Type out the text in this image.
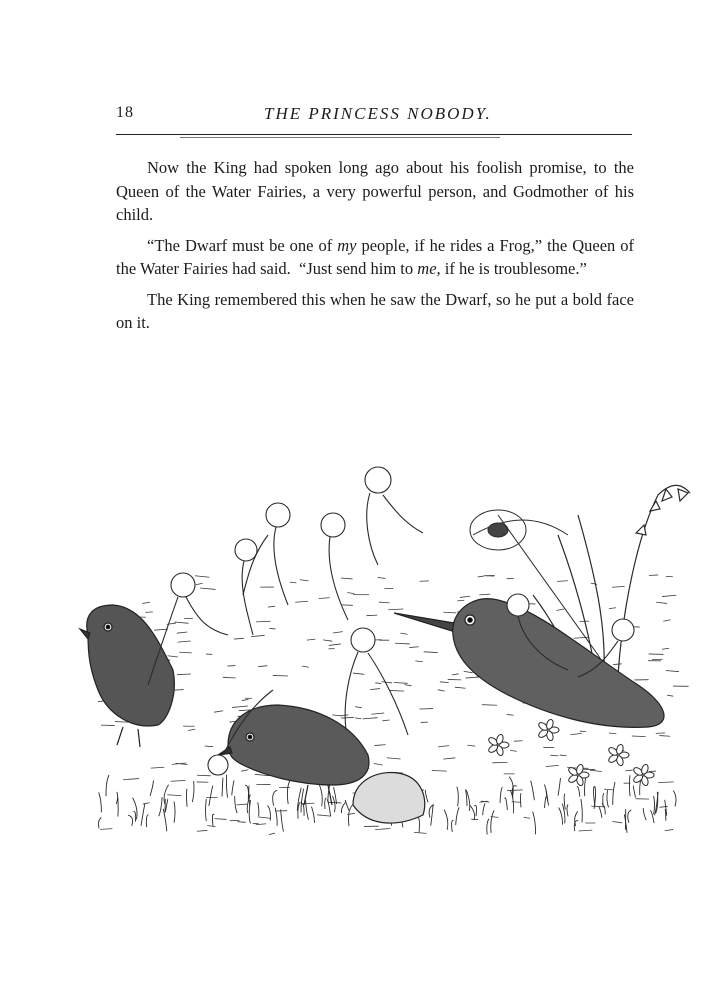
18	THE PRINCESS NOBODY.

Now the King had spoken long ago about his foolish promise, to the Queen of the Water Fairies, a very powerful person, and Godmother of his child.

“The Dwarf must be one of my people, if he rides a Frog,” the Queen of the Water Fairies had said.  “Just send him to me, if he is troublesome.”

The King remembered this when he saw the Dwarf, so he put a bold face on it.
